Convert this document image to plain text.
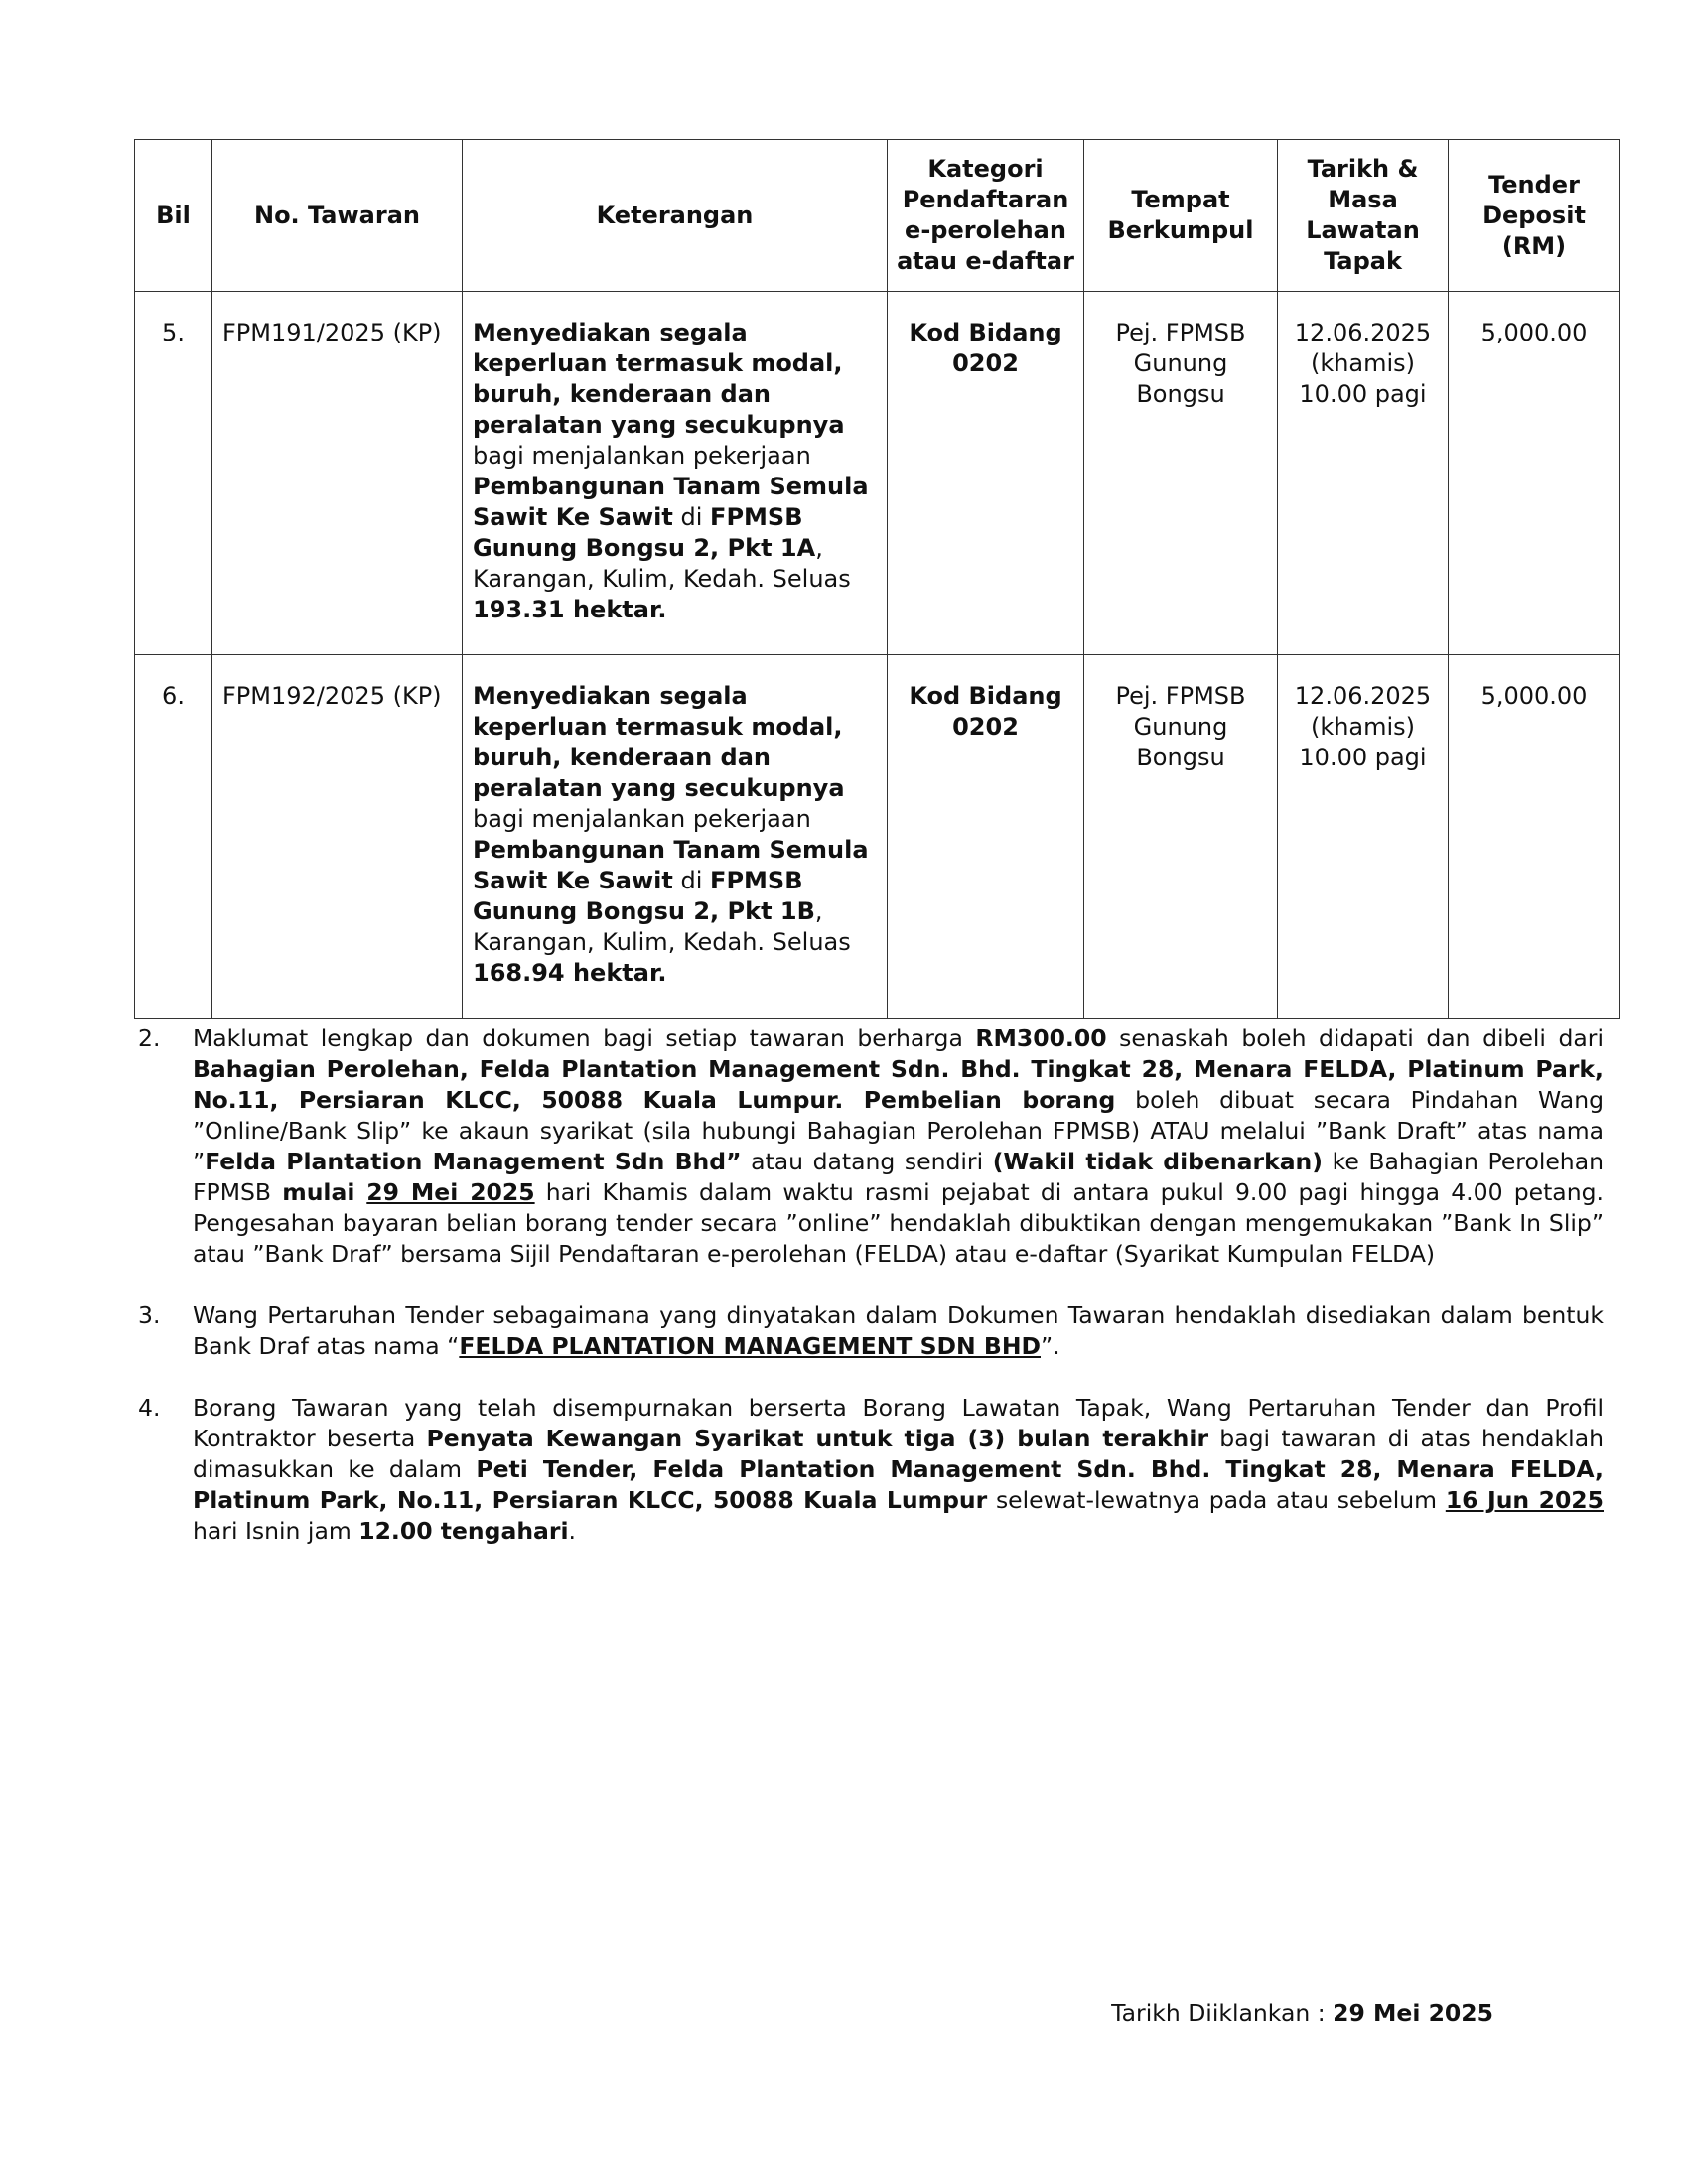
Bil	No. Tawaran	Keterangan	Kategori Pendaftaran e-perolehan atau e-daftar	Tempat Berkumpul	Tarikh & Masa Lawatan Tapak	Tender Deposit (RM)
5.	FPM191/2025 (KP)	Menyediakan segala keperluan termasuk modal, buruh, kenderaan dan peralatan yang secukupnya bagi menjalankan pekerjaan Pembangunan Tanam Semula Sawit Ke Sawit di FPMSB Gunung Bongsu 2, Pkt 1A, Karangan, Kulim, Kedah. Seluas 193.31 hektar.	Kod Bidang 0202	Pej. FPMSB Gunung Bongsu	12.06.2025 (khamis) 10.00 pagi	5,000.00
6.	FPM192/2025 (KP)	Menyediakan segala keperluan termasuk modal, buruh, kenderaan dan peralatan yang secukupnya bagi menjalankan pekerjaan Pembangunan Tanam Semula Sawit Ke Sawit di FPMSB Gunung Bongsu 2, Pkt 1B, Karangan, Kulim, Kedah. Seluas 168.94 hektar.	Kod Bidang 0202	Pej. FPMSB Gunung Bongsu	12.06.2025 (khamis) 10.00 pagi	5,000.00
2.	Maklumat lengkap dan dokumen bagi setiap tawaran berharga RM300.00 senaskah boleh didapati dan dibeli dari Bahagian Perolehan, Felda Plantation Management Sdn. Bhd. Tingkat 28, Menara FELDA, Platinum Park, No.11, Persiaran KLCC, 50088 Kuala Lumpur. Pembelian borang boleh dibuat secara Pindahan Wang ”Online/Bank Slip” ke akaun syarikat (sila hubungi Bahagian Perolehan FPMSB) ATAU melalui ”Bank Draft” atas nama ”Felda Plantation Management Sdn Bhd” atau datang sendiri (Wakil tidak dibenarkan) ke Bahagian Perolehan FPMSB mulai 29 Mei 2025 hari Khamis dalam waktu rasmi pejabat di antara pukul 9.00 pagi hingga 4.00 petang. Pengesahan bayaran belian borang tender secara ”online” hendaklah dibuktikan dengan mengemukakan ”Bank In Slip” atau ”Bank Draf” bersama Sijil Pendaftaran e-perolehan (FELDA) atau e-daftar (Syarikat Kumpulan FELDA)
3.	Wang Pertaruhan Tender sebagaimana yang dinyatakan dalam Dokumen Tawaran hendaklah disediakan dalam bentuk Bank Draf atas nama “FELDA PLANTATION MANAGEMENT SDN BHD”.
4.	Borang Tawaran yang telah disempurnakan berserta Borang Lawatan Tapak, Wang Pertaruhan Tender dan Profil Kontraktor beserta Penyata Kewangan Syarikat untuk tiga (3) bulan terakhir bagi tawaran di atas hendaklah dimasukkan ke dalam Peti Tender, Felda Plantation Management Sdn. Bhd. Tingkat 28, Menara FELDA, Platinum Park, No.11, Persiaran KLCC, 50088 Kuala Lumpur selewat-lewatnya pada atau sebelum 16 Jun 2025 hari Isnin jam 12.00 tengahari.
Tarikh Diiklankan : 29 Mei 2025
